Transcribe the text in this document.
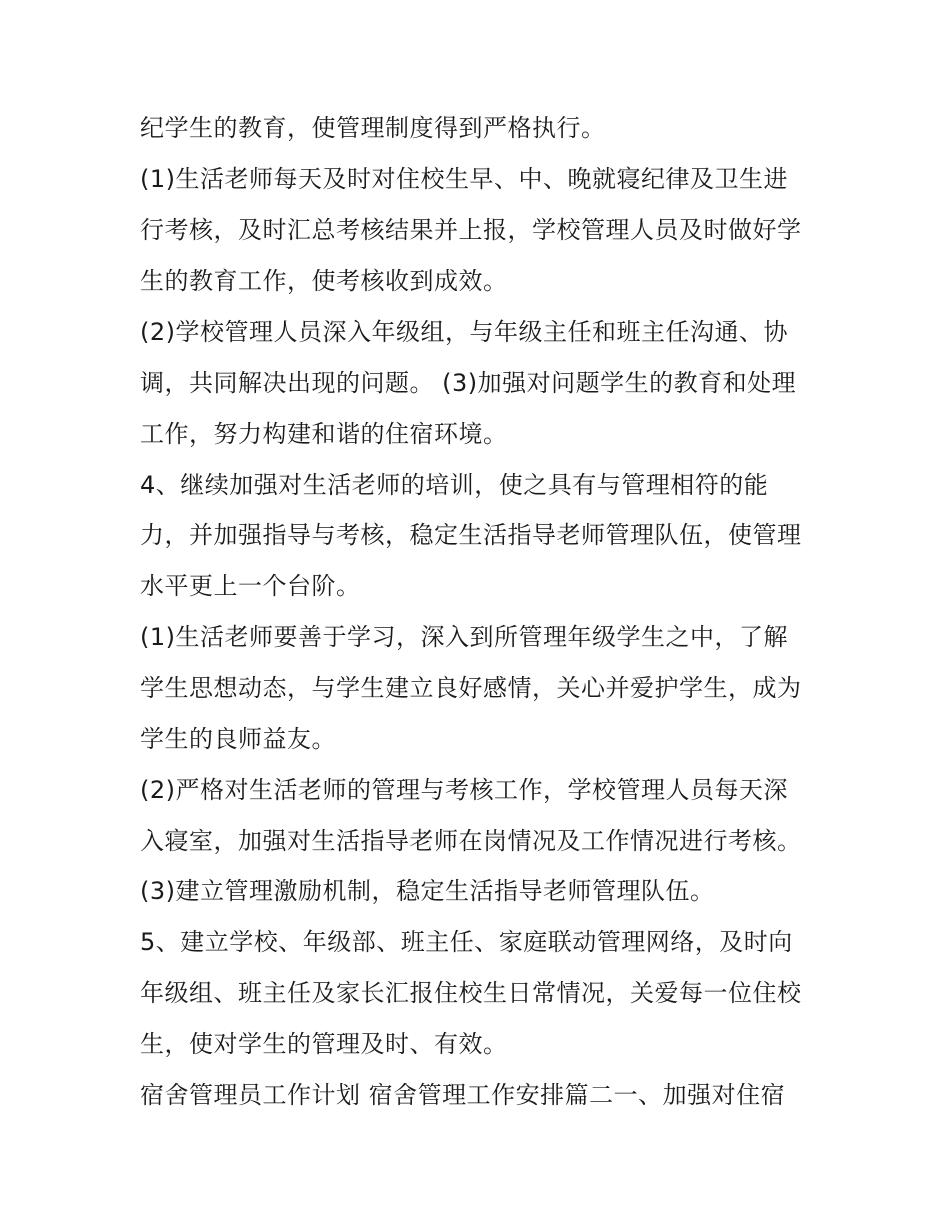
纪学生的教育，使管理制度得到严格执行。
(1)生活老师每天及时对住校生早、中、晚就寝纪律及卫生进
行考核，及时汇总考核结果并上报，学校管理人员及时做好学
生的教育工作，使考核收到成效。
(2)学校管理人员深入年级组，与年级主任和班主任沟通、协
调，共同解决出现的问题。 (3)加强对问题学生的教育和处理
工作，努力构建和谐的住宿环境。
4、继续加强对生活老师的培训，使之具有与管理相符的能
力，并加强指导与考核，稳定生活指导老师管理队伍，使管理
水平更上一个台阶。
(1)生活老师要善于学习，深入到所管理年级学生之中，了解
学生思想动态，与学生建立良好感情，关心并爱护学生，成为
学生的良师益友。
(2)严格对生活老师的管理与考核工作，学校管理人员每天深
入寝室，加强对生活指导老师在岗情况及工作情况进行考核。
(3)建立管理激励机制，稳定生活指导老师管理队伍。
5、建立学校、年级部、班主任、家庭联动管理网络，及时向
年级组、班主任及家长汇报住校生日常情况，关爱每一位住校
生，使对学生的管理及时、有效。
宿舍管理员工作计划 宿舍管理工作安排篇二一、加强对住宿
